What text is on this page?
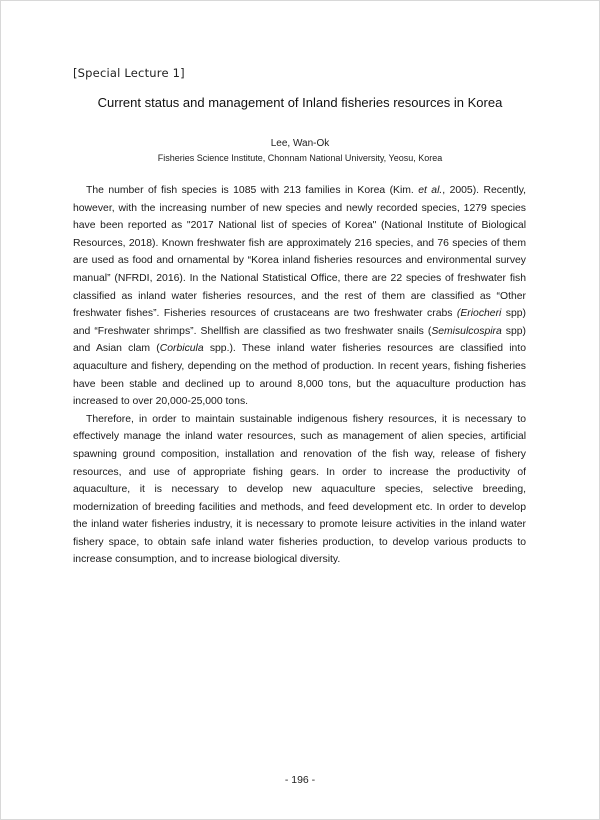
[Special Lecture 1]
Current status and management of Inland fisheries resources in Korea
Lee, Wan-Ok
Fisheries Science Institute, Chonnam National University, Yeosu, Korea

The number of fish species is 1085 with 213 families in Korea (Kim. et al., 2005). Recently, however, with the increasing number of new species and newly recorded species, 1279 species have been reported as "2017 National list of species of Korea" (National Institute of Biological Resources, 2018). Known freshwater fish are approximately 216 species, and 76 species of them are used as food and ornamental by “Korea inland fisheries resources and environmental survey manual” (NFRDI, 2016). In the National Statistical Office, there are 22 species of freshwater fish classified as inland water fisheries resources, and the rest of them are classified as “Other freshwater fishes”. Fisheries resources of crustaceans are two freshwater crabs (Eriocheri spp) and “Freshwater shrimps”. Shellfish are classified as two freshwater snails (Semisulcospira spp) and Asian clam (Corbicula spp.). These inland water fisheries resources are classified into aquaculture and fishery, depending on the method of production. In recent years, fishing fisheries have been stable and declined up to around 8,000 tons, but the aquaculture production has increased to over 20,000-25,000 tons.

Therefore, in order to maintain sustainable indigenous fishery resources, it is necessary to effectively manage the inland water resources, such as management of alien species, artificial spawning ground composition, installation and renovation of the fish way, release of fishery resources, and use of appropriate fishing gears. In order to increase the productivity of aquaculture, it is necessary to develop new aquaculture species, selective breeding, modernization of breeding facilities and methods, and feed development etc. In order to develop the inland water fisheries industry, it is necessary to promote leisure activities in the inland water fishery space, to obtain safe inland water fisheries production, to develop various products to increase consumption, and to increase biological diversity.

- 196 -
